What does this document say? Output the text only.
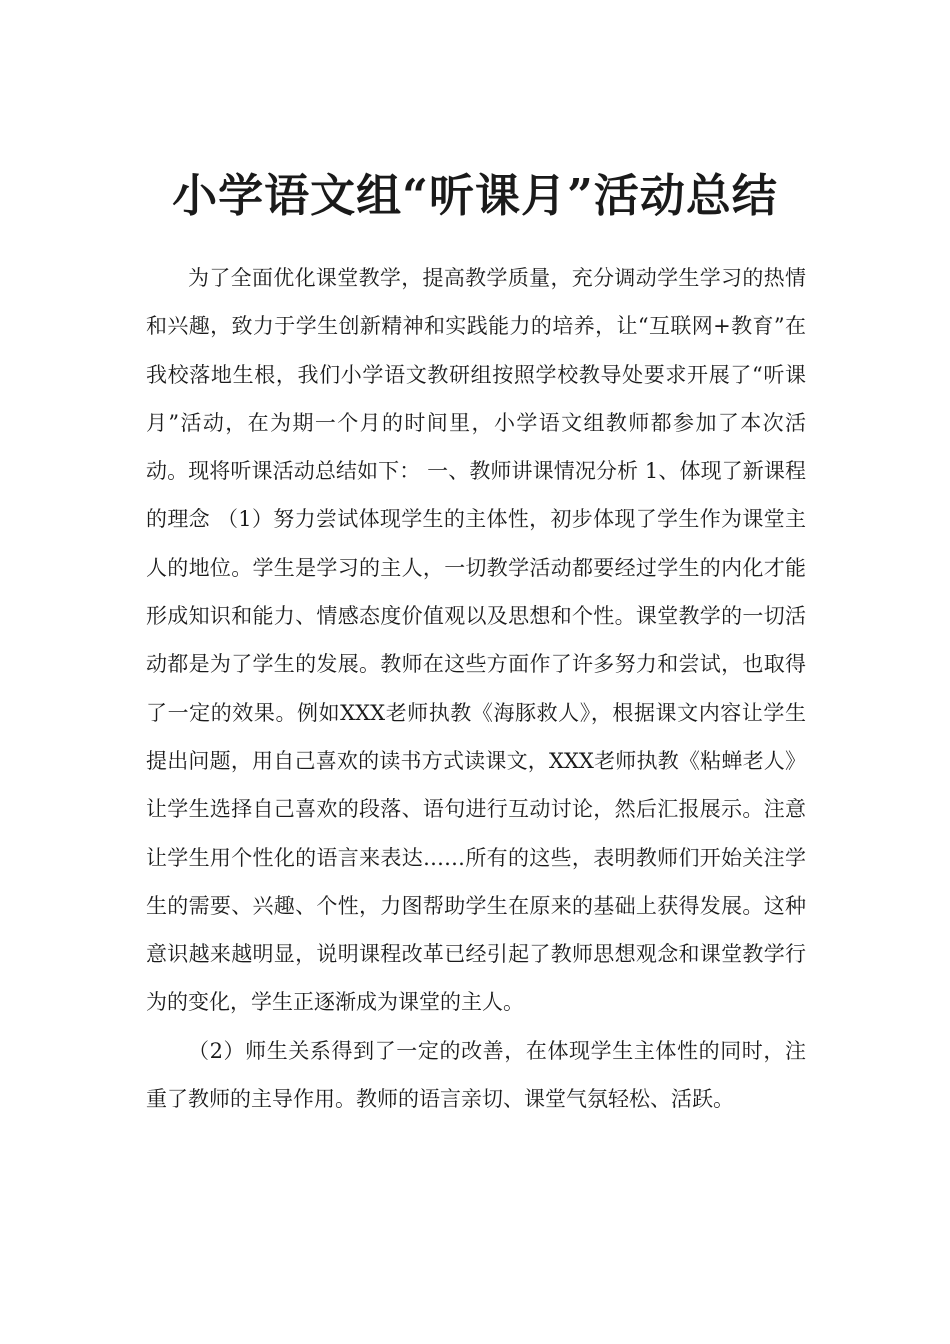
小学语文组“听课月”活动总结

为了全面优化课堂教学，提高教学质量，充分调动学生学习的热情和兴趣，致力于学生创新精神和实践能力的培养，让“互联网+教育”在我校落地生根，我们小学语文教研组按照学校教导处要求开展了“听课月”活动，在为期一个月的时间里，小学语文组教师都参加了本次活动。现将听课活动总结如下： 一、教师讲课情况分析 1、体现了新课程的理念 （1）努力尝试体现学生的主体性，初步体现了学生作为课堂主人的地位。学生是学习的主人，一切教学活动都要经过学生的内化才能形成知识和能力、情感态度价值观以及思想和个性。课堂教学的一切活动都是为了学生的发展。教师在这些方面作了许多努力和尝试，也取得了一定的效果。例如XXX老师执教《海豚救人》，根据课文内容让学生提出问题，用自己喜欢的读书方式读课文，XXX老师执教《粘蝉老人》让学生选择自己喜欢的段落、语句进行互动讨论，然后汇报展示。注意让学生用个性化的语言来表达……所有的这些，表明教师们开始关注学生的需要、兴趣、个性，力图帮助学生在原来的基础上获得发展。这种意识越来越明显，说明课程改革已经引起了教师思想观念和课堂教学行为的变化，学生正逐渐成为课堂的主人。

（2）师生关系得到了一定的改善，在体现学生主体性的同时，注重了教师的主导作用。教师的语言亲切、课堂气氛轻松、活跃。
